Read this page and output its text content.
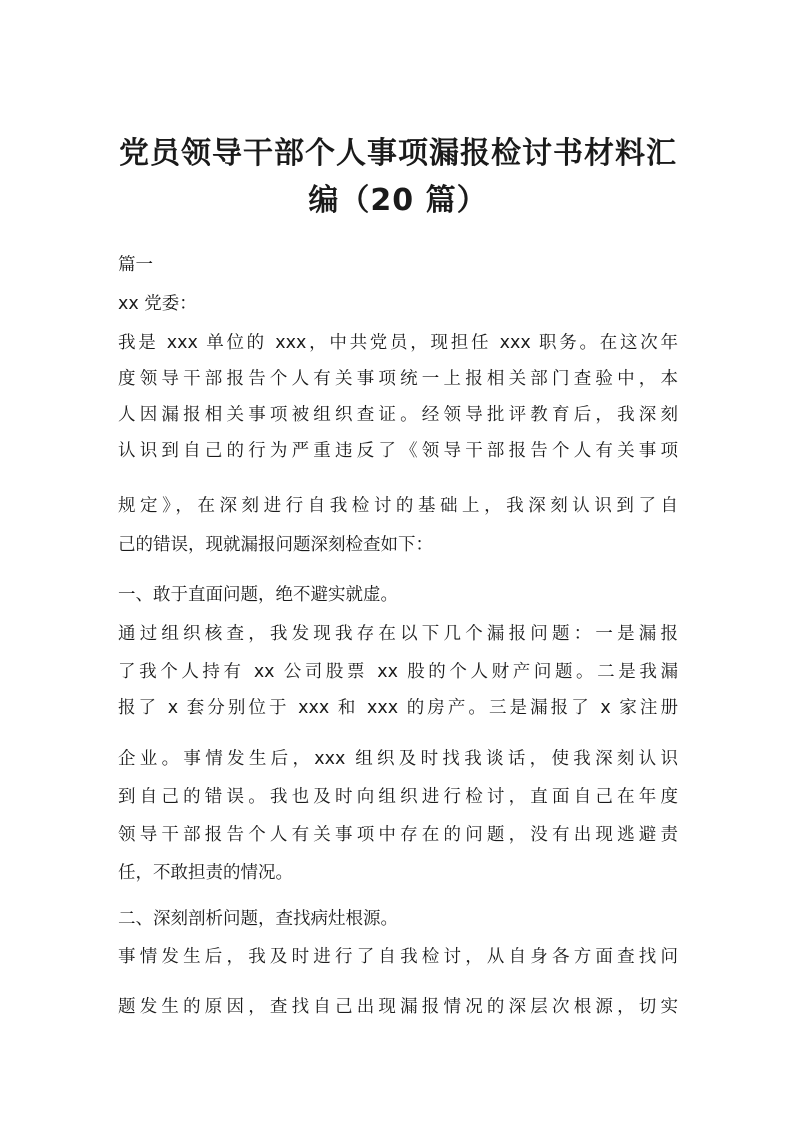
党员领导干部个人事项漏报检讨书材料汇
编（20 篇）

篇一

xx 党委：

我是 xxx 单位的 xxx，中共党员，现担任 xxx 职务。在这次年

度领导干部报告个人有关事项统一上报相关部门查验中，本

人因漏报相关事项被组织查证。经领导批评教育后，我深刻

认识到自己的行为严重违反了《领导干部报告个人有关事项

规定》，在深刻进行自我检讨的基础上，我深刻认识到了自

己的错误，现就漏报问题深刻检查如下：

一、敢于直面问题，绝不避实就虚。

通过组织核查，我发现我存在以下几个漏报问题：一是漏报

了我个人持有 xx 公司股票 xx 股的个人财产问题。二是我漏

报了 x 套分别位于 xxx 和 xxx 的房产。三是漏报了 x 家注册

企业。事情发生后，xxx 组织及时找我谈话，使我深刻认识

到自己的错误。我也及时向组织进行检讨，直面自己在年度

领导干部报告个人有关事项中存在的问题，没有出现逃避责

任，不敢担责的情况。

二、深刻剖析问题，查找病灶根源。

事情发生后，我及时进行了自我检讨，从自身各方面查找问

题发生的原因，查找自己出现漏报情况的深层次根源，切实
